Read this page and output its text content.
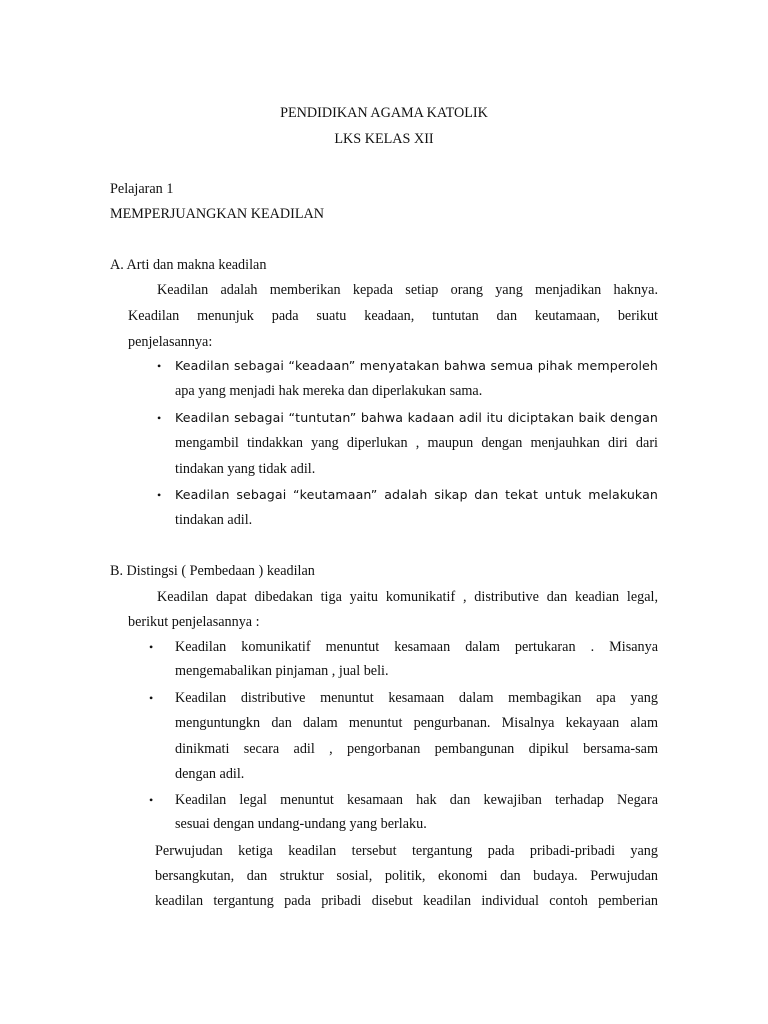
PENDIDIKAN AGAMA KATOLIK
LKS KELAS XII
Pelajaran 1
MEMPERJUANGKAN KEADILAN
A. Arti dan makna keadilan
Keadilan adalah memberikan kepada setiap orang yang menjadikan haknya.
Keadilan menunjuk pada suatu keadaan, tuntutan dan keutamaan, berikut
penjelasannya:
• Keadilan sebagai “keadaan” menyatakan bahwa semua pihak memperoleh
apa yang menjadi hak mereka dan diperlakukan sama.
• Keadilan sebagai “tuntutan” bahwa kadaan adil itu diciptakan baik dengan
mengambil tindakkan yang diperlukan , maupun dengan menjauhkan diri dari
tindakan yang tidak adil.
• Keadilan sebagai “keutamaan” adalah sikap dan tekat untuk melakukan
tindakan adil.
B. Distingsi ( Pembedaan ) keadilan
Keadilan dapat dibedakan tiga yaitu komunikatif , distributive dan keadian legal,
berikut penjelasannya :
• Keadilan komunikatif menuntut kesamaan dalam pertukaran . Misanya
mengemabalikan pinjaman , jual beli.
• Keadilan distributive menuntut kesamaan dalam membagikan apa yang
menguntungkn dan dalam menuntut pengurbanan. Misalnya kekayaan alam
dinikmati secara adil , pengorbanan pembangunan dipikul bersama-sam
dengan adil.
• Keadilan legal menuntut kesamaan hak dan kewajiban terhadap Negara
sesuai dengan undang-undang yang berlaku.
Perwujudan ketiga keadilan tersebut tergantung pada pribadi-pribadi yang
bersangkutan, dan struktur sosial, politik, ekonomi dan budaya. Perwujudan
keadilan tergantung pada pribadi disebut keadilan individual contoh pemberian
